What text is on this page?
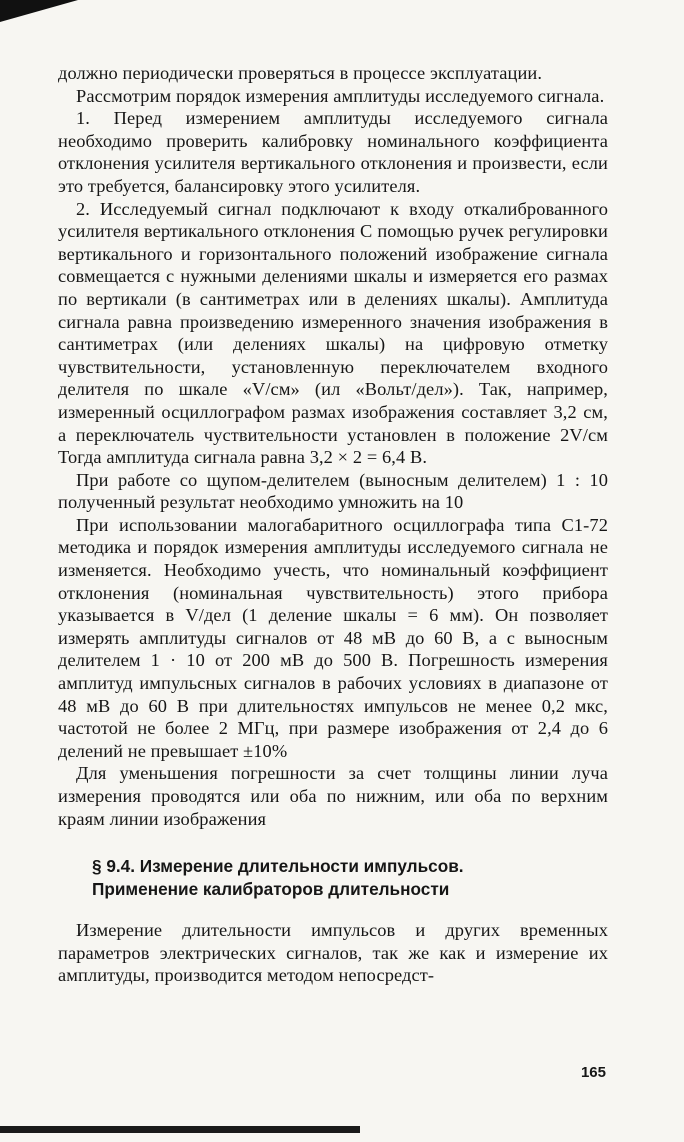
должно периодически проверяться в процессе эксплуатации.

Рассмотрим порядок измерения амплитуды исследуемого сигнала.

1. Перед измерением амплитуды исследуемого сигнала необходимо проверить калибровку номинального коэффициента отклонения усилителя вертикального отклонения и произвести, если это требуется, балансировку этого усилителя.

2. Исследуемый сигнал подключают к входу откалиброванного усилителя вертикального отклонения С помощью ручек регулировки вертикального и горизонтального положений изображение сигнала совмещается с нужными делениями шкалы и измеряется его размах по вертикали (в сантиметрах или в делениях шкалы). Амплитуда сигнала равна произведению измеренного значения изображения в сантиметрах (или делениях шкалы) на цифровую отметку чувствительности, установленную переключателем входного делителя по шкале «V/см» (ил «Вольт/дел»). Так, например, измеренный осциллографом размах изображения составляет 3,2 см, а переключатель чуствительности установлен в положение 2V/см Тогда амплитуда сигнала равна 3,2 × 2 = 6,4 В.

При работе со щупом-делителем (выносным делителем) 1 : 10 полученный результат необходимо умножить на 10

При использовании малогабаритного осциллографа типа С1-72 методика и порядок измерения амплитуды исследуемого сигнала не изменяется. Необходимо учесть, что номинальный коэффициент отклонения (номинальная чувствительность) этого прибора указывается в V/дел (1 деление шкалы = 6 мм). Он позволяет измерять амплитуды сигналов от 48 мВ до 60 В, а с выносным делителем 1 · 10 от 200 мВ до 500 В. Погрешность измерения амплитуд импульсных сигналов в рабочих условиях в диапазоне от 48 мВ до 60 В при длительностях импульсов не менее 0,2 мкс, частотой не более 2 МГц, при размере изображения от 2,4 до 6 делений не превышает ±10%

Для уменьшения погрешности за счет толщины линии луча измерения проводятся или оба по нижним, или оба по верхним краям линии изображения

§ 9.4. Измерение длительности импульсов.
Применение калибраторов длительности

Измерение длительности импульсов и других временных параметров электрических сигналов, так же как и измерение их амплитуды, производится методом непосредст-

165
